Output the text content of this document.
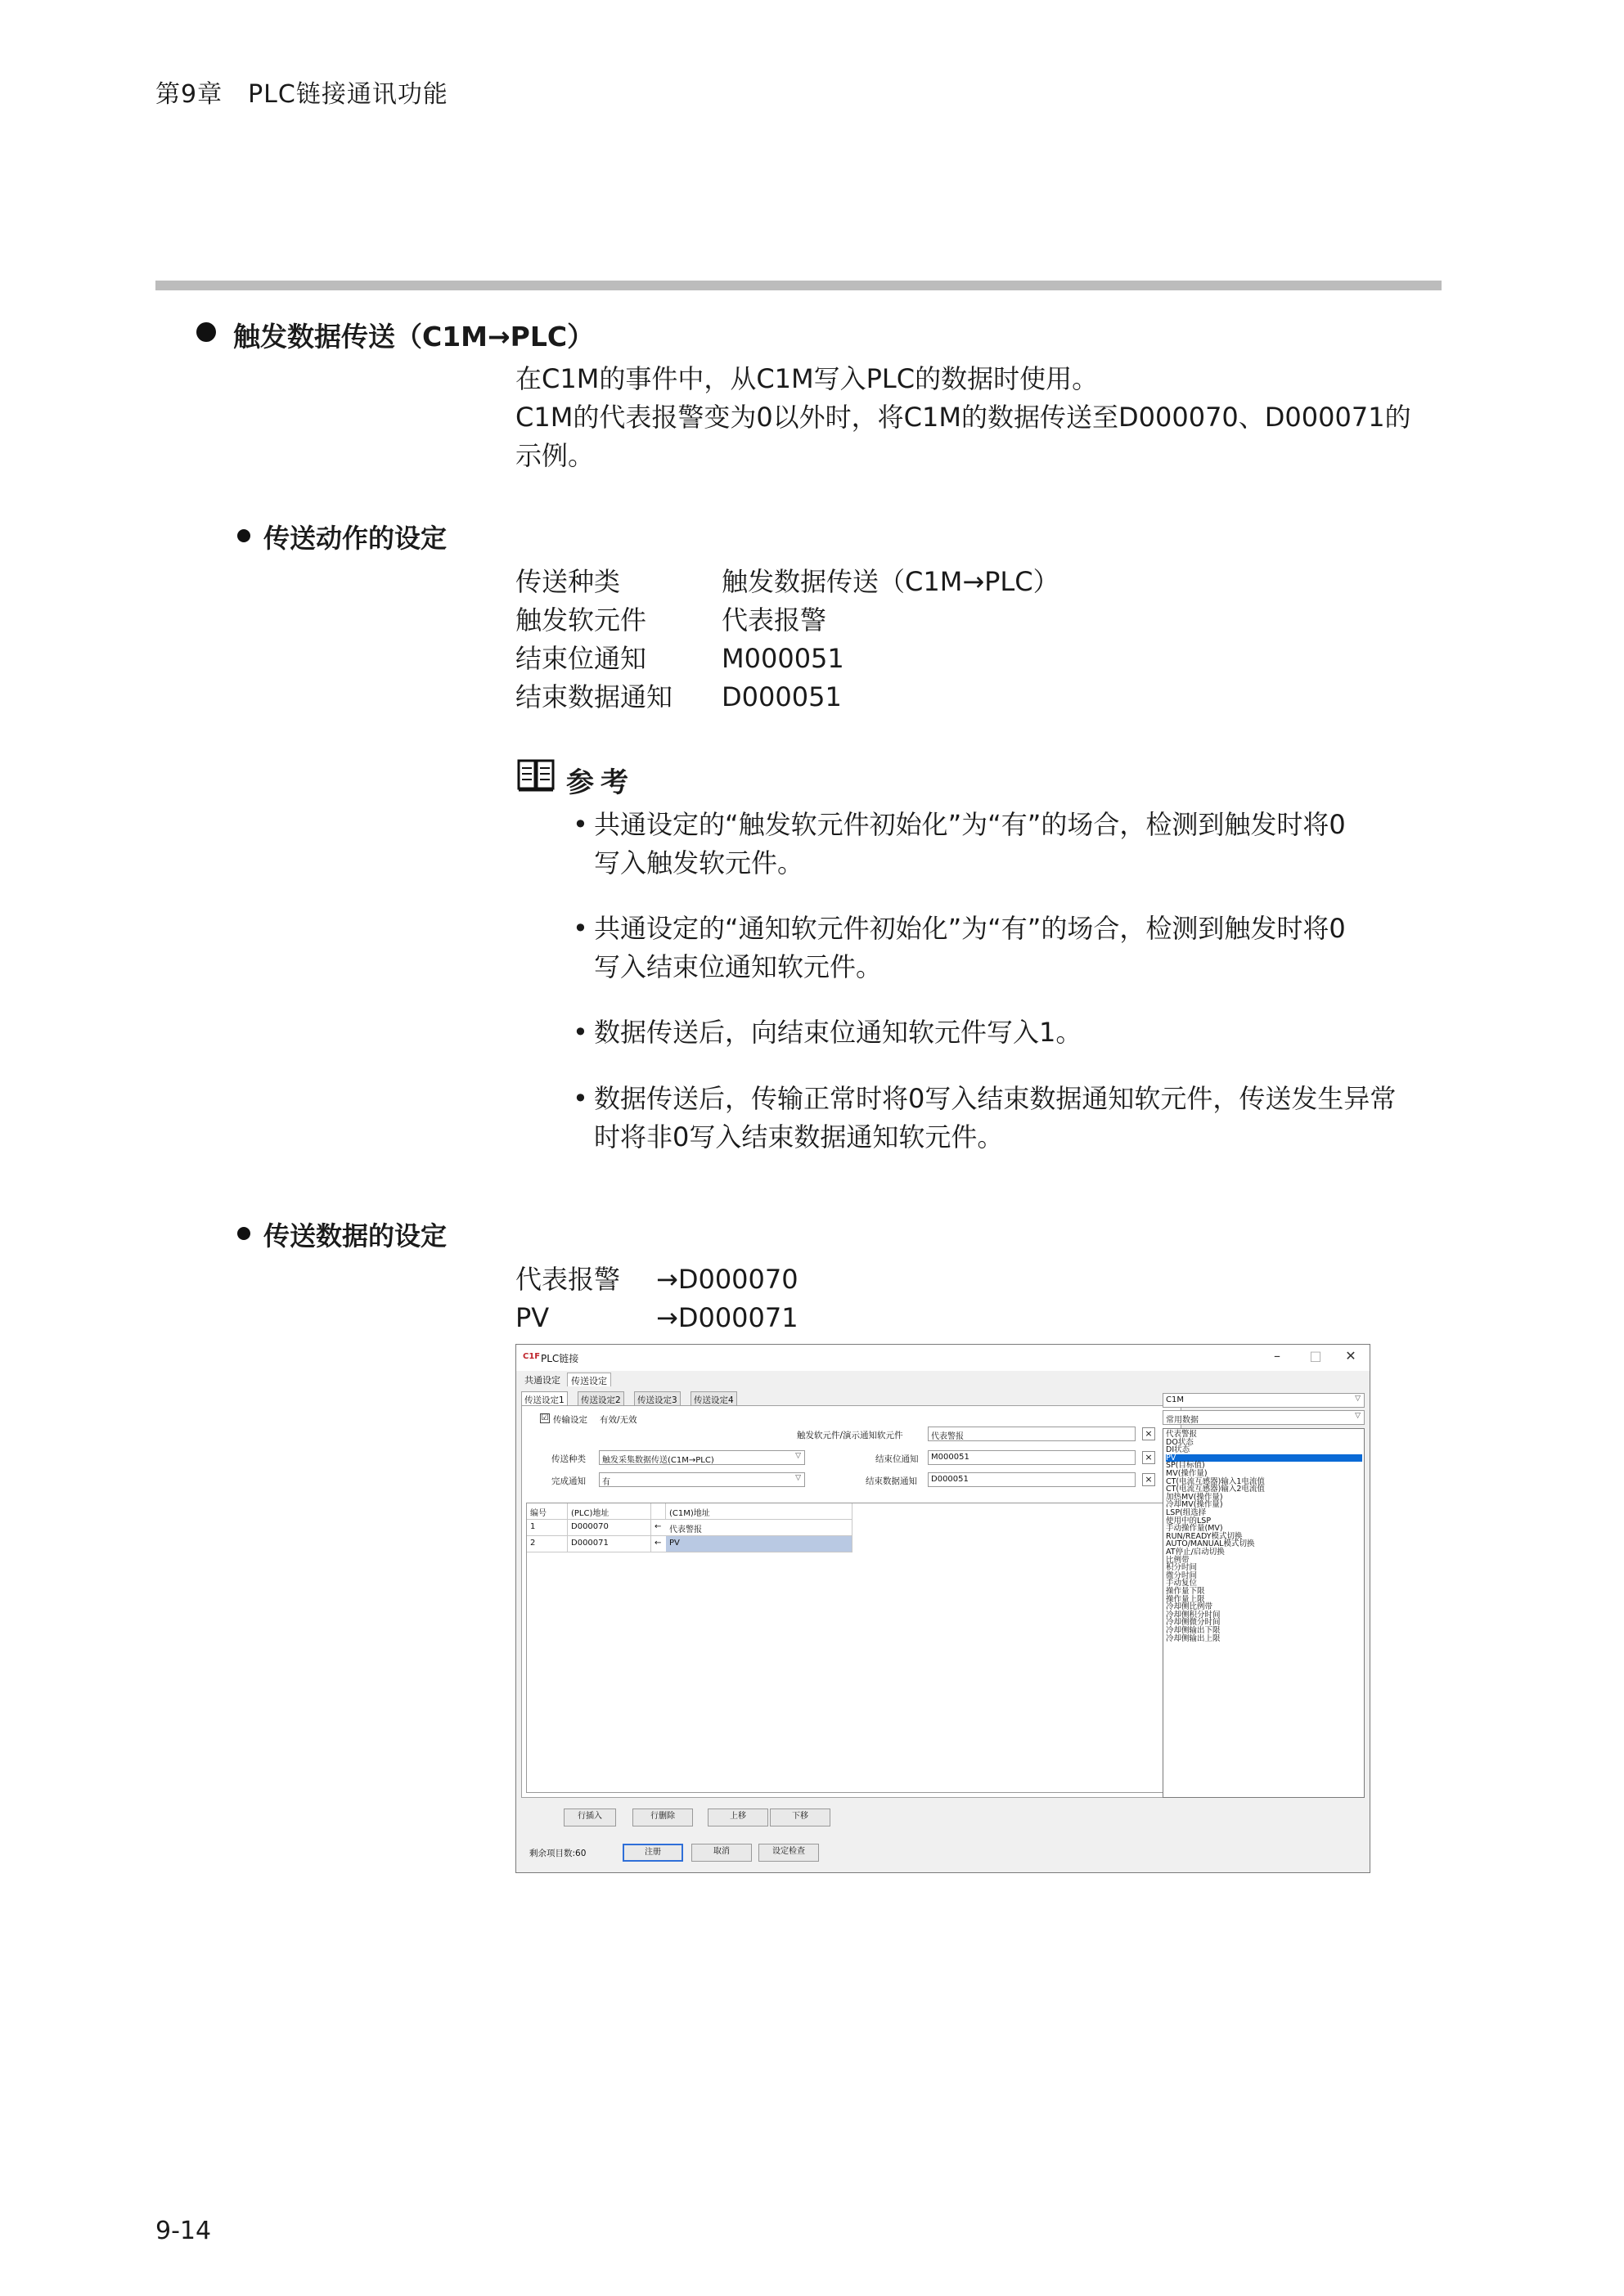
第9章　PLC链接通讯功能
触发数据传送（C1M→PLC）
在C1M的事件中，从C1M写入PLC的数据时使用。
C1M的代表报警变为0以外时，将C1M的数据传送至D000070、D000071的
示例。
传送动作的设定
传送种类	触发数据传送（C1M→PLC）
触发软元件	代表报警
结束位通知	M000051
结束数据通知 D000051
参考
• 共通设定的“触发软元件初始化”为“有”的场合，检测到触发时将0
写入触发软元件。
• 共通设定的“通知软元件初始化”为“有”的场合，检测到触发时将0
写入结束位通知软元件。
• 数据传送后，向结束位通知软元件写入1。
• 数据传送后，传输正常时将0写入结束数据通知软元件，传送发生异常
时将非0写入结束数据通知软元件。
传送数据的设定
代表报警 →D000070
PV	→D000071
C1F PLC链接	–	□	✕
共通设定	传送设定
传送设定1	传送设定2	传送设定3	传送设定4
☑ 传输设定 有效/无效
触发软元件/演示通知软元件	代表警报	×
传送种类	触发采集数据传送(C1M→PLC)	▽	结束位通知	M000051	×
完成通知	有	▽	结束数据通知	D000051	×
编号	(PLC)地址	(C1M)地址
1	D000070	← 代表警报
2	D000071	← PV
C1M	▽
常用数据	▽
代表警报
DO状态
DI状态
PV
SP(目标值)
MV(操作量)
CT(电流互感器)输入1电流值
CT(电流互感器)输入2电流值
加热MV(操作量)
冷却MV(操作量)
LSP(组选择
使用中的LSP
手动操作量(MV)
RUN/READY模式切换
AUTO/MANUAL模式切换
AT停止/启动切换
比例带
积分时间
微分时间
手动复位
操作量下限
操作量上限
冷却侧比例带
冷却侧积分时间
冷却侧微分时间
冷却侧输出下限
冷却侧输出上限
行插入	行删除	上移	下移
剩余项目数:60	注册	取消	设定检查
9-14
